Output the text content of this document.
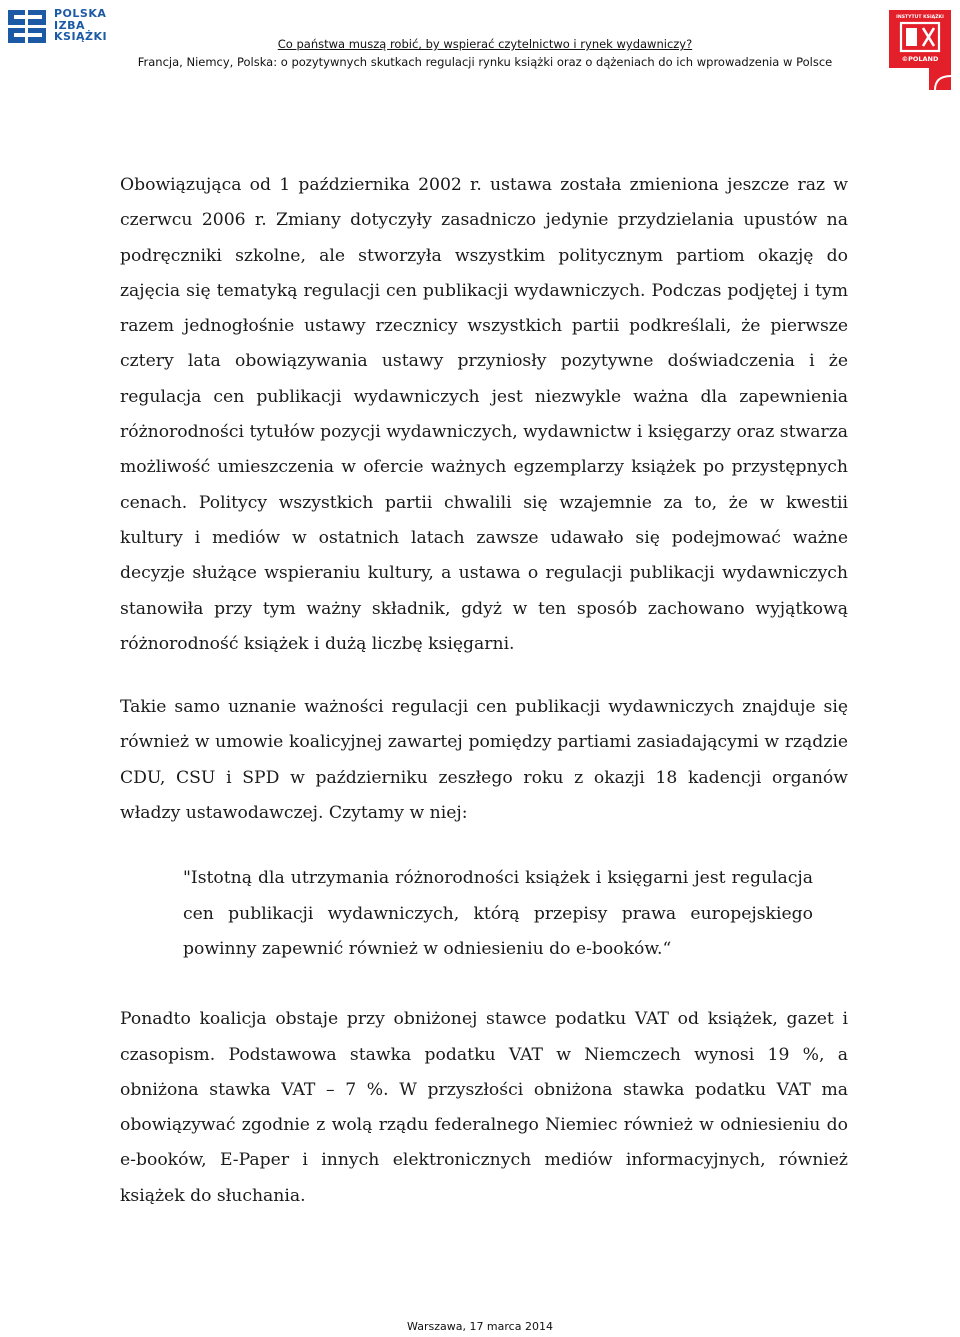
POLSKA
IZBA
KSIĄŻKI
Co państwa muszą robić, by wspierać czytelnictwo i rynek wydawniczy?
Francja, Niemcy, Polska: o pozytywnych skutkach regulacji rynku książki oraz o dążeniach do ich wprowadzenia w Polsce
INSTYTUT KSIĄŻKI
©POLAND

Obowiązująca od 1 października 2002 r. ustawa została zmieniona jeszcze raz w czerwcu 2006 r. Zmiany dotyczyły zasadniczo jedynie przydzielania upustów na podręczniki szkolne, ale stworzyła wszystkim politycznym partiom okazję do zajęcia się tematyką regulacji cen publikacji wydawniczych. Podczas podjętej i tym razem jednogłośnie ustawy rzecznicy wszystkich partii podkreślali, że pierwsze cztery lata obowiązywania ustawy przyniosły pozytywne doświadczenia i że regulacja cen publikacji wydawniczych jest niezwykle ważna dla zapewnienia różnorodności tytułów pozycji wydawniczych, wydawnictw i księgarzy oraz stwarza możliwość umieszczenia w ofercie ważnych egzemplarzy książek po przystępnych cenach. Politycy wszystkich partii chwalili się wzajemnie za to, że w kwestii kultury i mediów w ostatnich latach zawsze udawało się podejmować ważne decyzje służące wspieraniu kultury, a ustawa o regulacji publikacji wydawniczych stanowiła przy tym ważny składnik, gdyż w ten sposób zachowano wyjątkową różnorodność książek i dużą liczbę księgarni.

Takie samo uznanie ważności regulacji cen publikacji wydawniczych znajduje się również w umowie koalicyjnej zawartej pomiędzy partiami zasiadającymi w rządzie CDU, CSU i SPD w październiku zeszłego roku z okazji 18 kadencji organów władzy ustawodawczej. Czytamy w niej:

"Istotną dla utrzymania różnorodności książek i księgarni jest regulacja cen publikacji wydawniczych, którą przepisy prawa europejskiego powinny zapewnić również w odniesieniu do e-booków.“

Ponadto koalicja obstaje przy obniżonej stawce podatku VAT od książek, gazet i czasopism. Podstawowa stawka podatku VAT w Niemczech wynosi 19 %, a obniżona stawka VAT – 7 %. W przyszłości obniżona stawka podatku VAT ma obowiązywać zgodnie z wolą rządu federalnego Niemiec również w odniesieniu do e-booków, E-Paper i innych elektronicznych mediów informacyjnych, również książek do słuchania.

Warszawa, 17 marca 2014
